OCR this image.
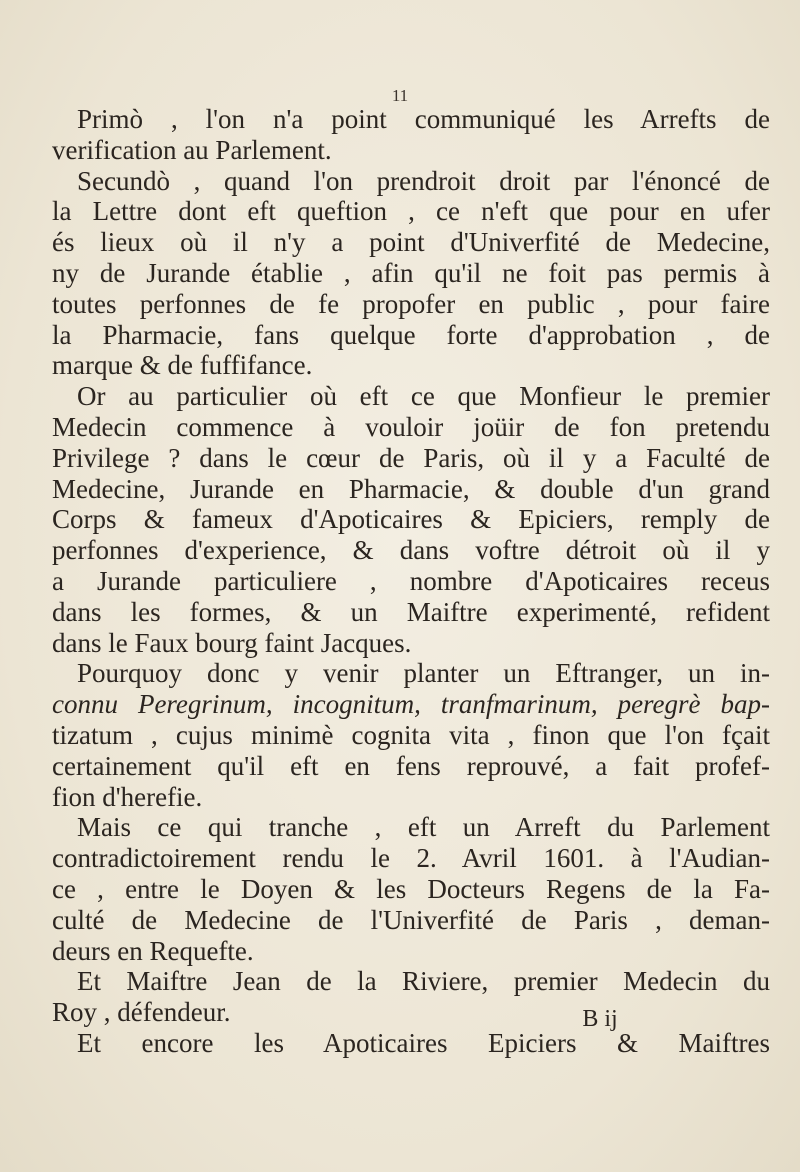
11
Primò , l'on n'a point communiqué les Arrefts de
verification au Parlement.
Secundò , quand l'on prendroit droit par l'énoncé de
la Lettre dont eft queftion , ce n'eft que pour en ufer
és lieux où il n'y a point d'Univerfité de Medecine,
ny de Jurande établie , afin qu'il ne foit pas permis à
toutes perfonnes de fe propofer en public , pour faire
la Pharmacie, fans quelque forte d'approbation , de
marque & de fuffifance.
Or au particulier où eft ce que Monfieur le premier
Medecin commence à vouloir joüir de fon pretendu
Privilege ? dans le cœur de Paris, où il y a Faculté de
Medecine, Jurande en Pharmacie, & double d'un grand
Corps & fameux d'Apoticaires & Epiciers, remply de
perfonnes d'experience, & dans voftre détroit où il y
a Jurande particuliere , nombre d'Apoticaires receus
dans les formes, & un Maiftre experimenté, refident
dans le Faux bourg faint Jacques.
Pourquoy donc y venir planter un Eftranger, un in-
connu Peregrinum, incognitum, tranfmarinum, peregrè bap-
tizatum , cujus minimè cognita vita , finon que l'on fçait
certainement qu'il eft en fens reprouvé, a fait profef-
fion d'herefie.
Mais ce qui tranche , eft un Arreft du Parlement
contradictoirement rendu le 2. Avril 1601. à l'Audian-
ce , entre le Doyen & les Docteurs Regens de la Fa-
culté de Medecine de l'Univerfité de Paris , deman-
deurs en Requefte.
Et Maiftre Jean de la Riviere, premier Medecin du
Roy , défendeur.
Et encore les Apoticaires Epiciers & Maiftres
B ij
